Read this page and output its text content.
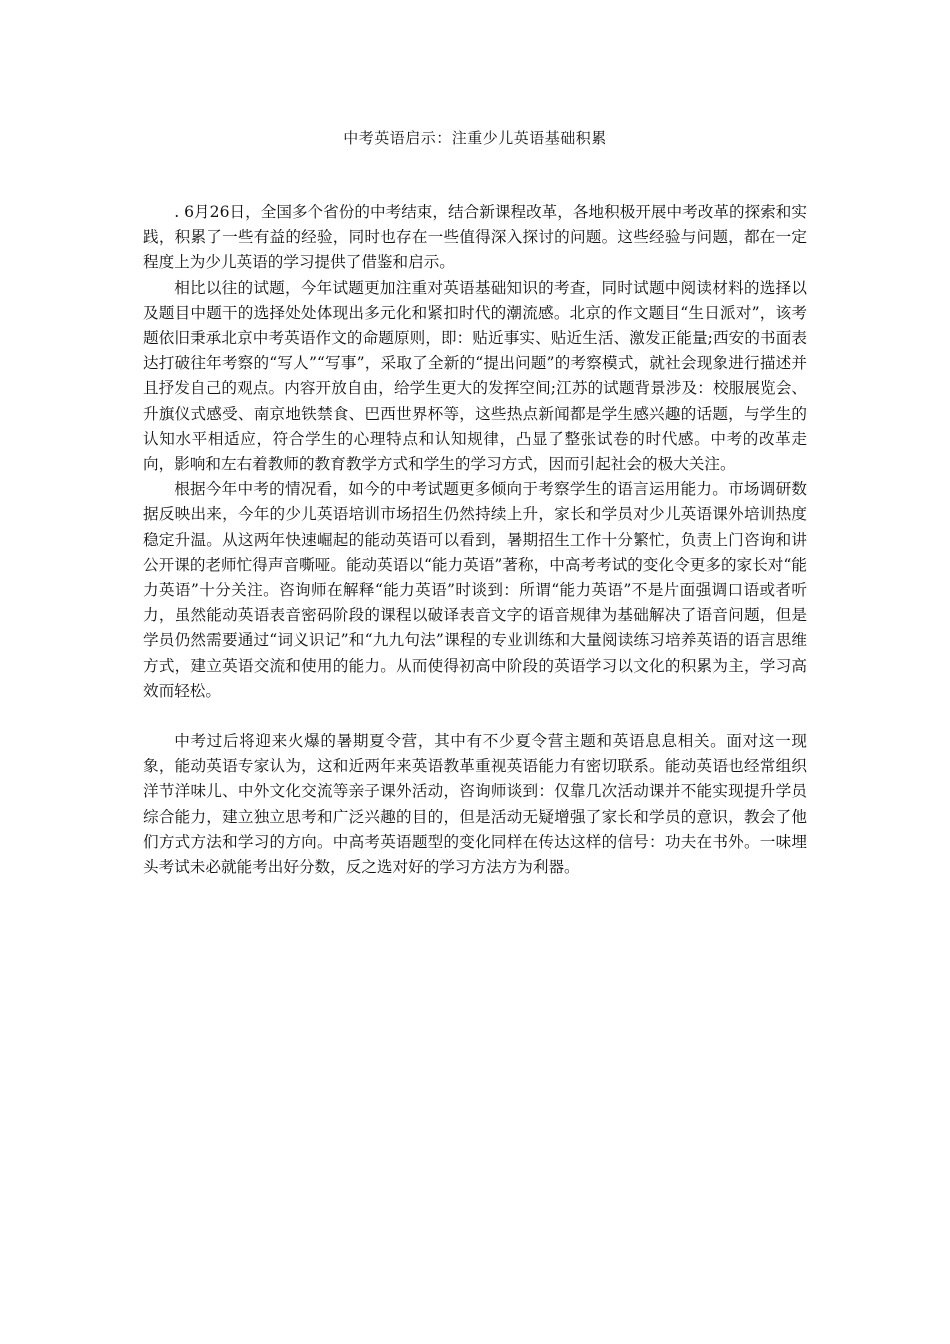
中考英语启示：注重少儿英语基础积累

. 6月26日，全国多个省份的中考结束，结合新课程改革，各地积极开展中考改革的探索和实践，积累了一些有益的经验，同时也存在一些值得深入探讨的问题。这些经验与问题，都在一定程度上为少儿英语的学习提供了借鉴和启示。

相比以往的试题，今年试题更加注重对英语基础知识的考查，同时试题中阅读材料的选择以及题目中题干的选择处处体现出多元化和紧扣时代的潮流感。北京的作文题目“生日派对”，该考题依旧秉承北京中考英语作文的命题原则，即：贴近事实、贴近生活、激发正能量;西安的书面表达打破往年考察的“写人”“写事”，采取了全新的“提出问题”的考察模式，就社会现象进行描述并且抒发自己的观点。内容开放自由，给学生更大的发挥空间;江苏的试题背景涉及：校服展览会、升旗仪式感受、南京地铁禁食、巴西世界杯等，这些热点新闻都是学生感兴趣的话题，与学生的认知水平相适应，符合学生的心理特点和认知规律，凸显了整张试卷的时代感。中考的改革走向，影响和左右着教师的教育教学方式和学生的学习方式，因而引起社会的极大关注。

根据今年中考的情况看，如今的中考试题更多倾向于考察学生的语言运用能力。市场调研数据反映出来，今年的少儿英语培训市场招生仍然持续上升，家长和学员对少儿英语课外培训热度稳定升温。从这两年快速崛起的能动英语可以看到，暑期招生工作十分繁忙，负责上门咨询和讲公开课的老师忙得声音嘶哑。能动英语以“能力英语”著称，中高考考试的变化令更多的家长对“能力英语”十分关注。咨询师在解释“能力英语”时谈到：所谓“能力英语”不是片面强调口语或者听力，虽然能动英语表音密码阶段的课程以破译表音文字的语音规律为基础解决了语音问题，但是学员仍然需要通过“词义识记”和“九九句法”课程的专业训练和大量阅读练习培养英语的语言思维方式，建立英语交流和使用的能力。从而使得初高中阶段的英语学习以文化的积累为主，学习高效而轻松。

中考过后将迎来火爆的暑期夏令营，其中有不少夏令营主题和英语息息相关。面对这一现象，能动英语专家认为，这和近两年来英语教革重视英语能力有密切联系。能动英语也经常组织洋节洋味儿、中外文化交流等亲子课外活动，咨询师谈到：仅靠几次活动课并不能实现提升学员综合能力，建立独立思考和广泛兴趣的目的，但是活动无疑增强了家长和学员的意识，教会了他们方式方法和学习的方向。中高考英语题型的变化同样在传达这样的信号：功夫在书外。一味埋头考试未必就能考出好分数，反之选对好的学习方法方为利器。
